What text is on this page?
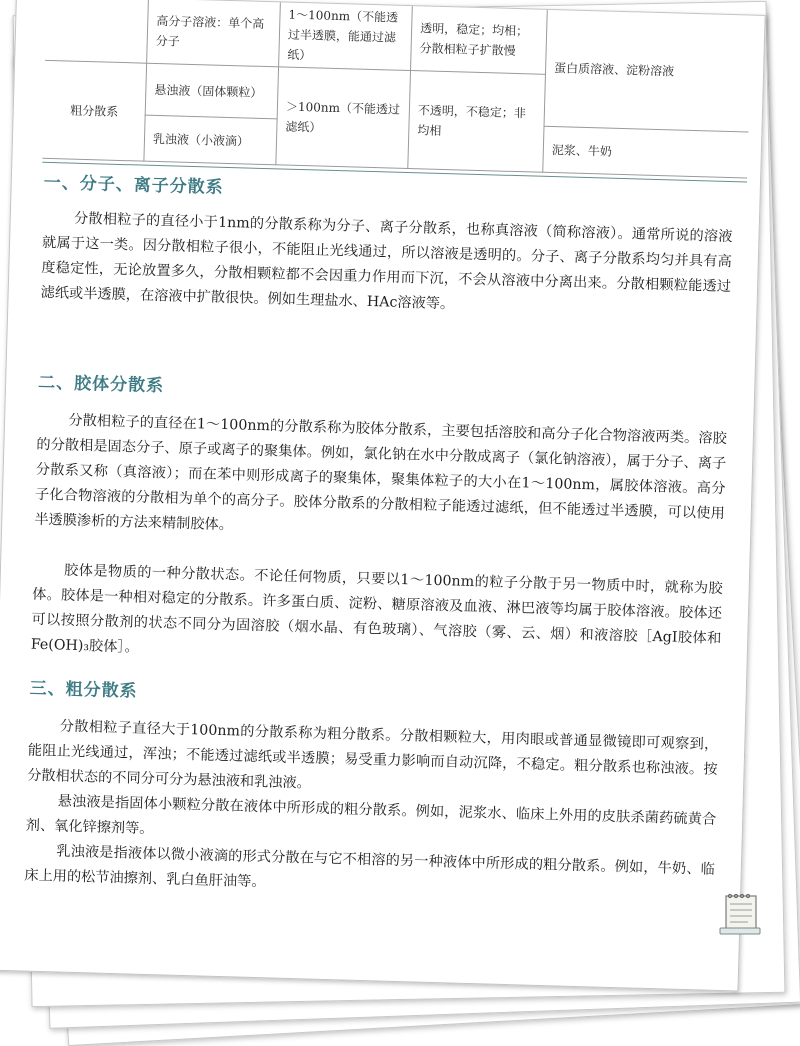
	高分子溶液：单个高分子	1～100nm（不能透过半透膜，能通过滤纸）	透明，稳定；均相；分散相粒子扩散慢	蛋白质溶液、淀粉溶液
粗分散系	悬浊液（固体颗粒）	＞100nm（不能透过滤纸）	不透明，不稳定；非均相	
	乳浊液（小液滴）			泥浆、牛奶
一、分子、离子分散系

分散相粒子的直径小于1nm的分散系称为分子、离子分散系，也称真溶液（简称溶液）。通常所说的溶液就属于这一类。因分散相粒子很小，不能阻止光线通过，所以溶液是透明的。分子、离子分散系均匀并具有高度稳定性，无论放置多久，分散相颗粒都不会因重力作用而下沉，不会从溶液中分离出来。分散相颗粒能透过滤纸或半透膜，在溶液中扩散很快。例如生理盐水、HAc溶液等。

二、胶体分散系

分散相粒子的直径在1～100nm的分散系称为胶体分散系，主要包括溶胶和高分子化合物溶液两类。溶胶的分散相是固态分子、原子或离子的聚集体。例如，氯化钠在水中分散成离子（氯化钠溶液），属于分子、离子分散系又称（真溶液）；而在苯中则形成离子的聚集体，聚集体粒子的大小在1～100nm，属胶体溶液。高分子化合物溶液的分散相为单个的高分子。胶体分散系的分散相粒子能透过滤纸，但不能透过半透膜，可以使用半透膜渗析的方法来精制胶体。

胶体是物质的一种分散状态。不论任何物质，只要以1～100nm的粒子分散于另一物质中时，就称为胶体。胶体是一种相对稳定的分散系。许多蛋白质、淀粉、糖原溶液及血液、淋巴液等均属于胶体溶液。胶体还可以按照分散剂的状态不同分为固溶胶（烟水晶、有色玻璃）、气溶胶（雾、云、烟）和液溶胶［AgI胶体和Fe(OH)₃胶体］。

三、粗分散系

分散相粒子直径大于100nm的分散系称为粗分散系。分散相颗粒大，用肉眼或普通显微镜即可观察到，能阻止光线通过，浑浊；不能透过滤纸或半透膜；易受重力影响而自动沉降，不稳定。粗分散系也称浊液。按分散相状态的不同分可分为悬浊液和乳浊液。

悬浊液是指固体小颗粒分散在液体中所形成的粗分散系。例如，泥浆水、临床上外用的皮肤杀菌药硫黄合剂、氧化锌擦剂等。

乳浊液是指液体以微小液滴的形式分散在与它不相溶的另一种液体中所形成的粗分散系。例如，牛奶、临床上用的松节油擦剂、乳白鱼肝油等。
